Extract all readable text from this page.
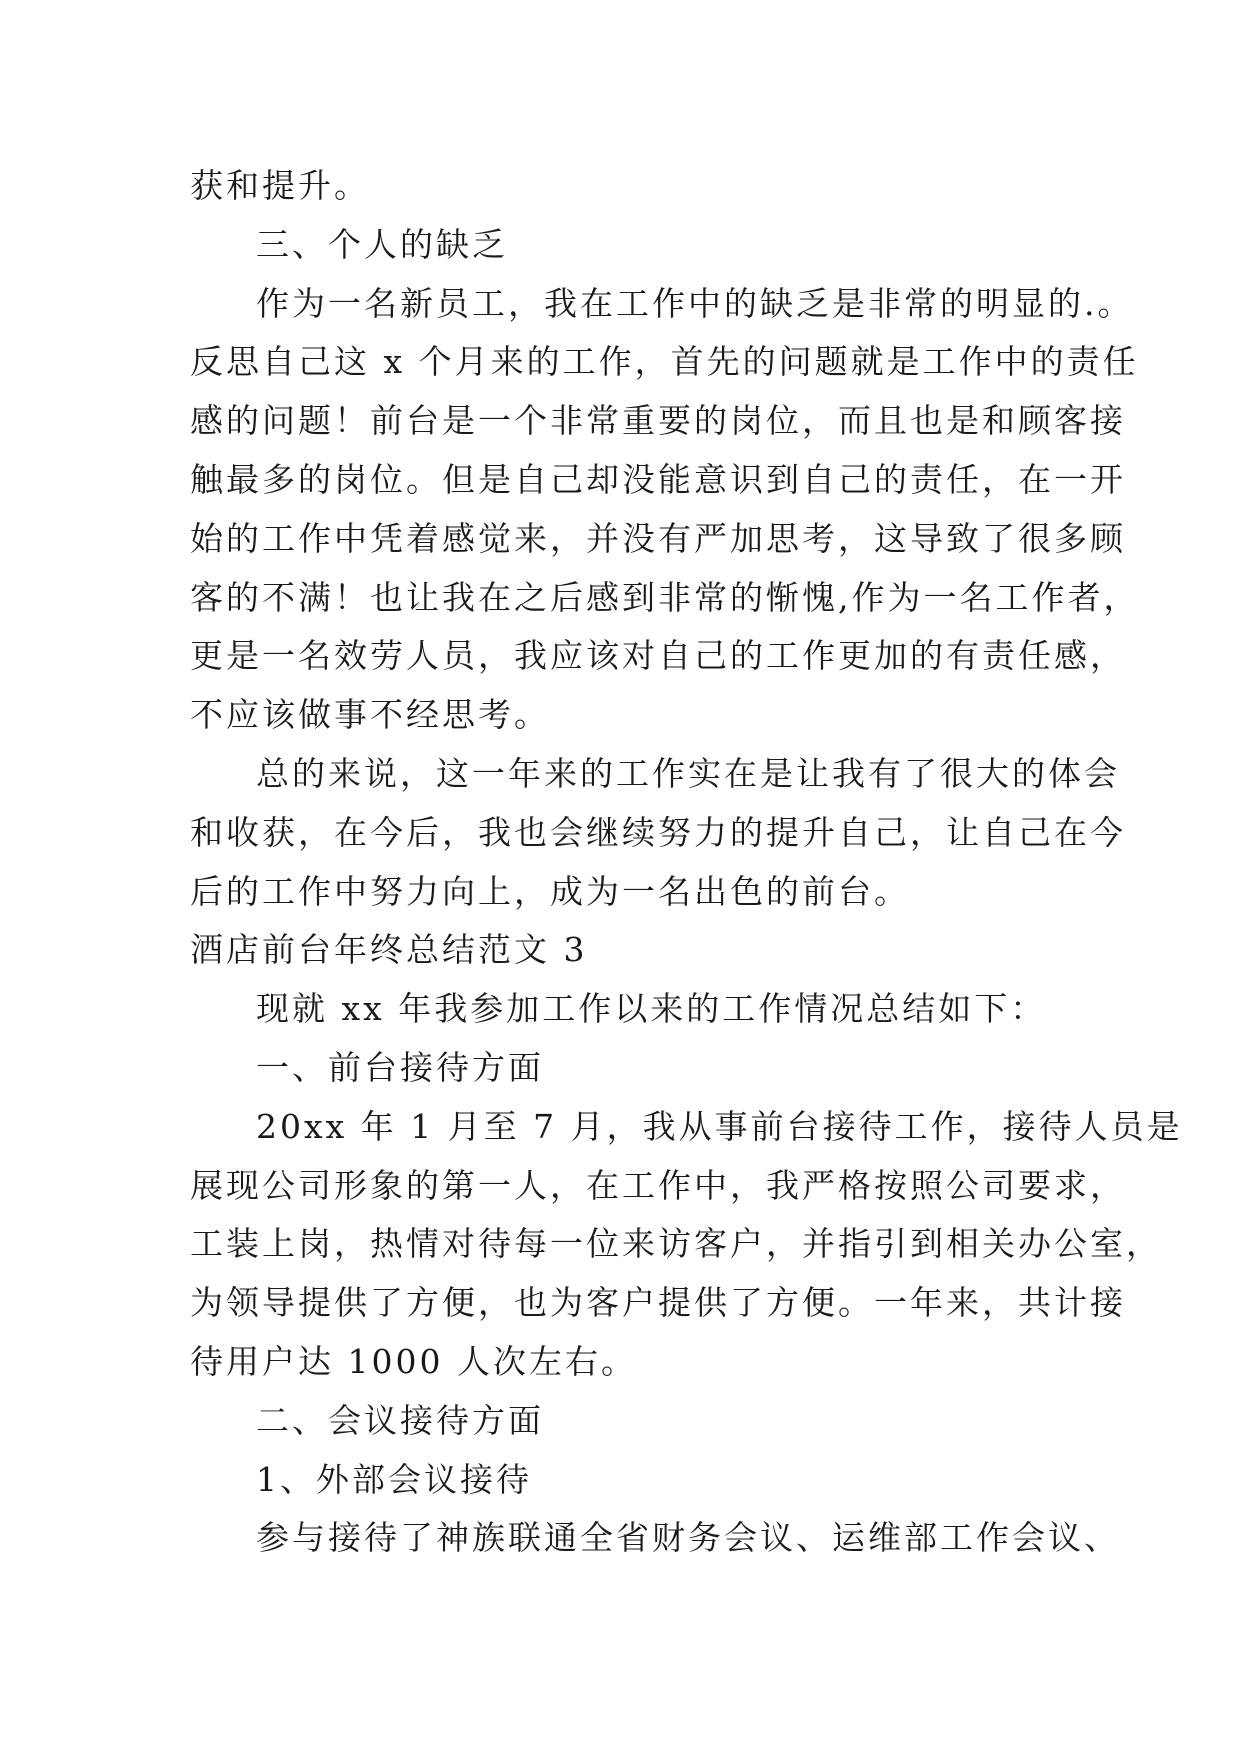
获和提升。
三、个人的缺乏
作为一名新员工，我在工作中的缺乏是非常的明显的.。
反思自己这 x 个月来的工作，首先的问题就是工作中的责任
感的问题！前台是一个非常重要的岗位，而且也是和顾客接
触最多的岗位。但是自己却没能意识到自己的责任，在一开
始的工作中凭着感觉来，并没有严加思考，这导致了很多顾
客的不满！也让我在之后感到非常的惭愧,作为一名工作者，
更是一名效劳人员，我应该对自己的工作更加的有责任感，
不应该做事不经思考。
总的来说，这一年来的工作实在是让我有了很大的体会
和收获，在今后，我也会继续努力的提升自己，让自己在今
后的工作中努力向上，成为一名出色的前台。
酒店前台年终总结范文 3
现就 xx 年我参加工作以来的工作情况总结如下：
一、前台接待方面
20xx 年 1 月至 7 月，我从事前台接待工作，接待人员是
展现公司形象的第一人，在工作中，我严格按照公司要求，
工装上岗，热情对待每一位来访客户，并指引到相关办公室，
为领导提供了方便，也为客户提供了方便。一年来，共计接
待用户达 1000 人次左右。
二、会议接待方面
1、外部会议接待
参与接待了神族联通全省财务会议、运维部工作会议、
